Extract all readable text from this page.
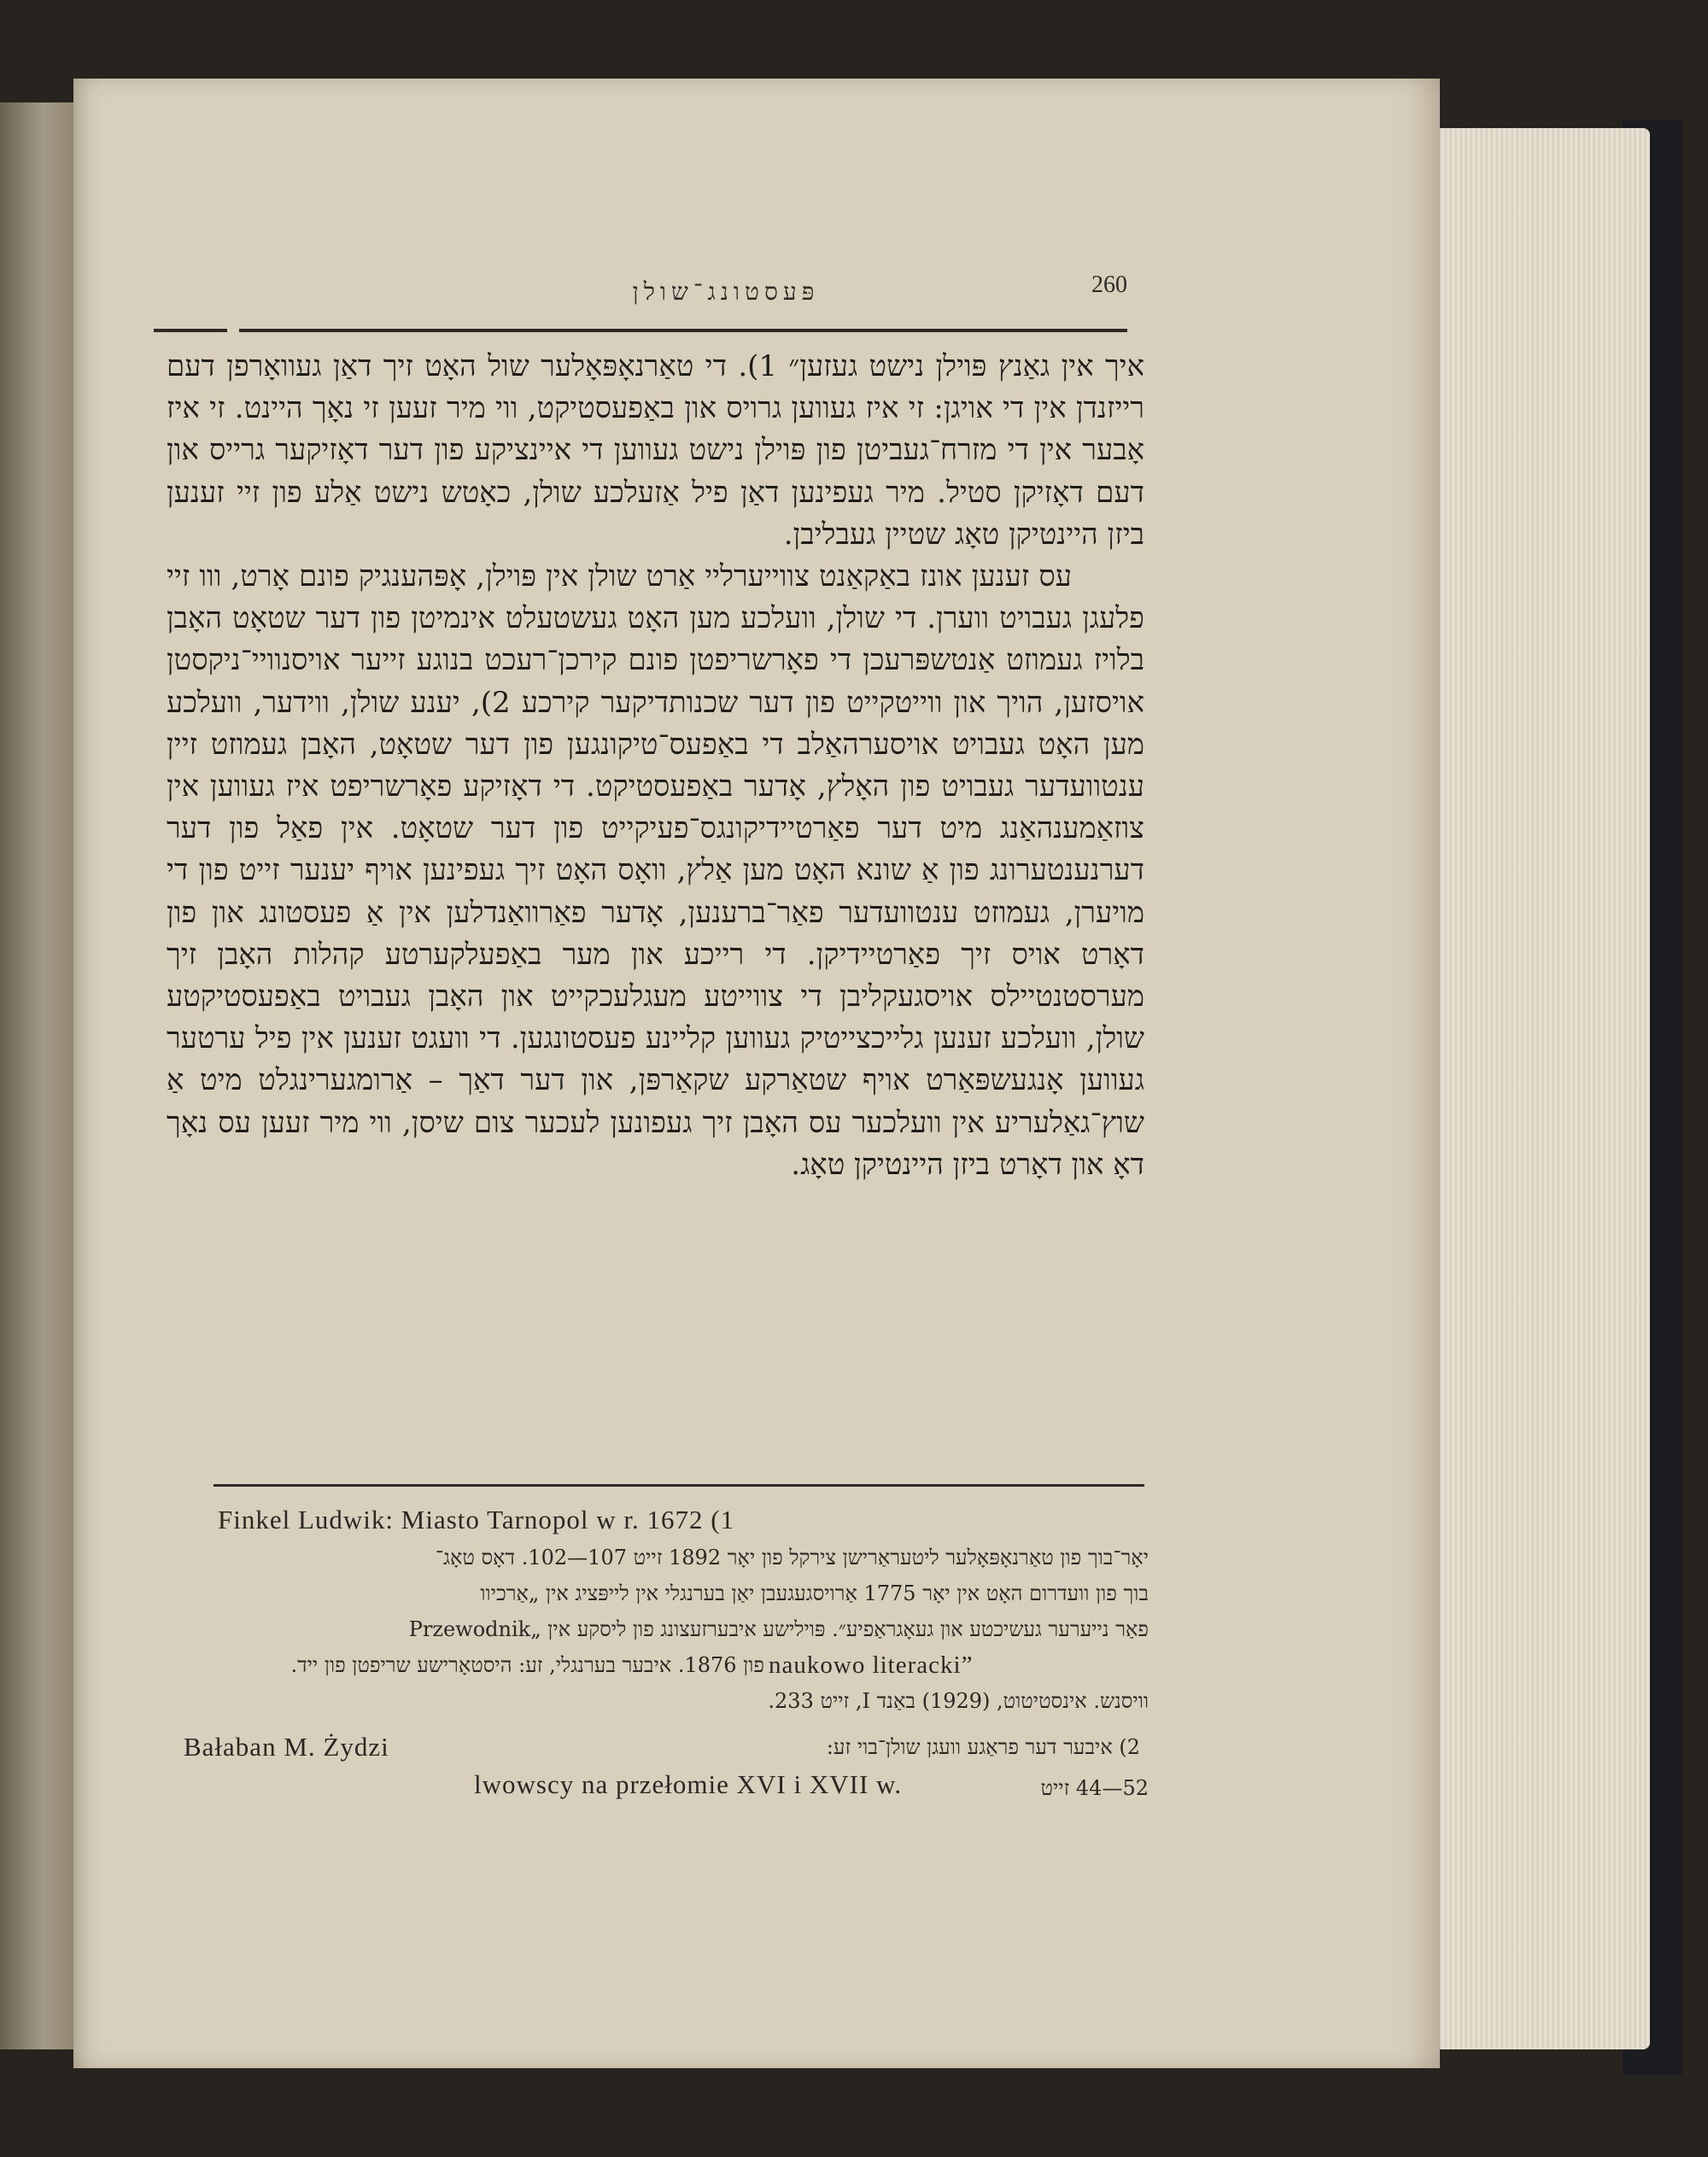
פּעסטונג־שולן	260

איך אין גאַנץ פּוילן נישט געזען״ 1). די טאַרנאָפּאָלער שול האָט זיך דאַן געוואָרפן דעם רייזנדן אין די אויגן: זי איז געווען גרויס און באַפעסטיקט, ווי מיר זעען זי נאָך היינט. זי איז אָבער אין די מזרח־געביטן פון פּוילן נישט געווען די איינציקע פון דער דאָזיקער גרייס און דעם דאָזיקן סטיל. מיר געפינען דאַן פיל אַזעלכע שולן, כאָטש נישט אַלע פון זיי זענען ביזן היינטיקן טאָג שטיין געבליבן.

עס זענען אונז באַקאַנט צווייערליי אַרט שולן אין פּוילן, אָפּהענגיק פונם אָרט, ווו זיי פלעגן געבויט ווערן. די שולן, וועלכע מען האָט געשטעלט אינמיטן פון דער שטאָט האָבן בלויז געמוזט אַנטשפּרעכן די פאָרשריפטן פונם קירכן־רעכט בנוגע זייער אויסנוויי־ניקסטן אויסזען, הויך און ווייטקייט פון דער שכנותדיקער קירכע 2), יענע שולן, ווידער, וועלכע מען האָט געבויט אויסערהאַלב די באַפעס־טיקונגען פון דער שטאָט, האָבן געמוזט זיין ענטוועדער געבויט פון האָלץ, אָדער באַפעסטיקט. די דאָזיקע פאָרשריפט איז געווען אין צוזאַמענהאַנג מיט דער פאַרטיידיקונגס־פעיקייט פון דער שטאָט. אין פאַל פון דער דערנענטערונג פון אַ שונא האָט מען אַלץ, וואָס האָט זיך געפינען אויף יענער זייט פון די מויערן, געמוזט ענטוועדער פאַר־ברענען, אָדער פאַרוואַנדלען אין אַ פעסטונג און פון דאָרט אויס זיך פאַרטיידיקן. די רייכע און מער באַפעלקערטע קהלות האָבן זיך מערסטנטיילס אויסגעקליבן די צווייטע מעגלעכקייט און האָבן געבויט באַפעסטיקטע שולן, וועלכע זענען גלייכצייטיק געווען קליינע פעסטונגען. די וועגט זענען אין פיל ערטער געווען אָנגעשפּאַרט אויף שטאַרקע שקאַרפּן, און דער דאַך – אַרומגערינגלט מיט אַ שוץ־גאַלעריע אין וועלכער עס האָבן זיך געפונען לעכער צום שיסן, ווי מיר זעען עס נאָך דאָ און דאָרט ביזן היינטיקן טאָג.

Finkel Ludwik: Miasto Tarnopol w r. 1672 (1
יאָר־בוך פון טאַרנאָפּאָלער ליטעראַרישן צירקל פון יאָר 1892 זייט 107—102. דאָס טאָג־
בוך פון וועדרום האָט אין יאָר 1775 אַרויסגעגעבן יאַן בערנגלי אין לייפּציג אין „אַרכיוו
פאַר נייערער געשיכטע און געאָגראַפיע״. פּוילישע איבערזעצונג פון ליסקע אין „Przewodnik
naukowo literacki”
פון 1876. איבער בערנגלי, זע: היסטאָרישע שריפטן פון ייד.
וויסנש. אינסטיטוט, (1929) באַנד I, זייט 233.
Bałaban M. Żydzi	2) איבער דער פראַגע וועגן שולן־בוי זע:
lwowscy na przełomie XVI i XVII w.	52—44 זייט
